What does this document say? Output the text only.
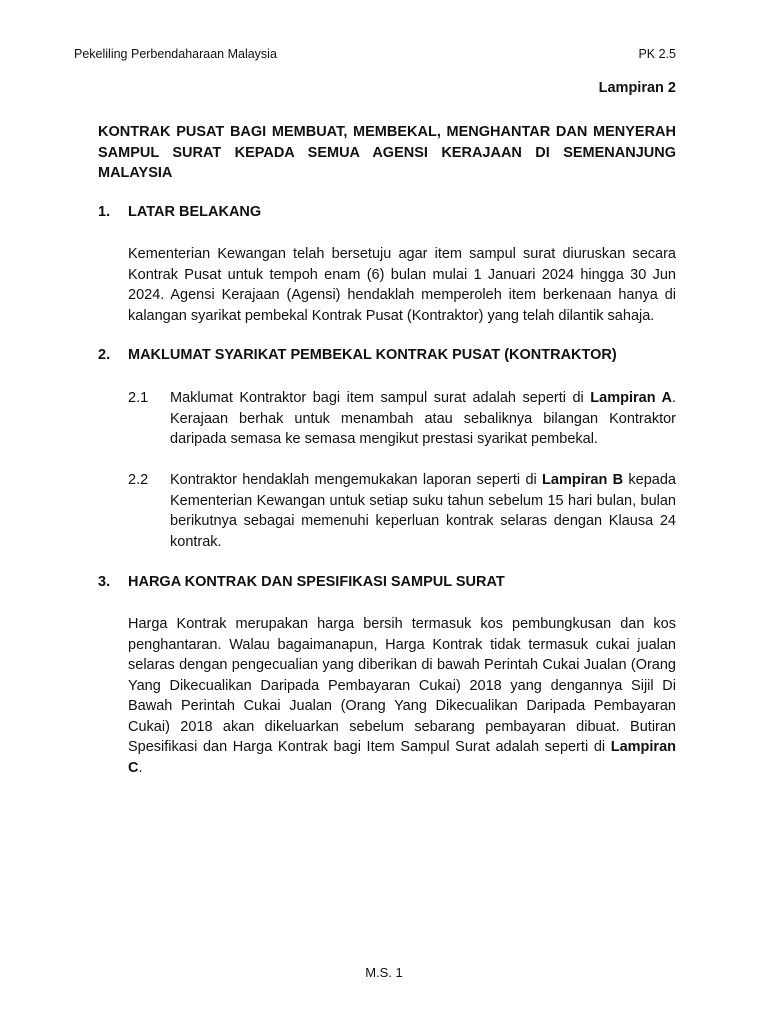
Pekeliling Perbendaharaan Malaysia	PK 2.5
Lampiran 2
KONTRAK PUSAT BAGI MEMBUAT, MEMBEKAL, MENGHANTAR DAN MENYERAH SAMPUL SURAT KEPADA SEMUA AGENSI KERAJAAN DI SEMENANJUNG MALAYSIA
1. LATAR BELAKANG
Kementerian Kewangan telah bersetuju agar item sampul surat diuruskan secara Kontrak Pusat untuk tempoh enam (6) bulan mulai 1 Januari 2024 hingga 30 Jun 2024. Agensi Kerajaan (Agensi) hendaklah memperoleh item berkenaan hanya di kalangan syarikat pembekal Kontrak Pusat (Kontraktor) yang telah dilantik sahaja.
2. MAKLUMAT SYARIKAT PEMBEKAL KONTRAK PUSAT (KONTRAKTOR)
2.1 Maklumat Kontraktor bagi item sampul surat adalah seperti di Lampiran A. Kerajaan berhak untuk menambah atau sebaliknya bilangan Kontraktor daripada semasa ke semasa mengikut prestasi syarikat pembekal.
2.2 Kontraktor hendaklah mengemukakan laporan seperti di Lampiran B kepada Kementerian Kewangan untuk setiap suku tahun sebelum 15 hari bulan, bulan berikutnya sebagai memenuhi keperluan kontrak selaras dengan Klausa 24 kontrak.
3. HARGA KONTRAK DAN SPESIFIKASI SAMPUL SURAT
Harga Kontrak merupakan harga bersih termasuk kos pembungkusan dan kos penghantaran. Walau bagaimanapun, Harga Kontrak tidak termasuk cukai jualan selaras dengan pengecualian yang diberikan di bawah Perintah Cukai Jualan (Orang Yang Dikecualikan Daripada Pembayaran Cukai) 2018 yang dengannya Sijil Di Bawah Perintah Cukai Jualan (Orang Yang Dikecualikan Daripada Pembayaran Cukai) 2018 akan dikeluarkan sebelum sebarang pembayaran dibuat. Butiran Spesifikasi dan Harga Kontrak bagi Item Sampul Surat adalah seperti di Lampiran C.
M.S. 1
